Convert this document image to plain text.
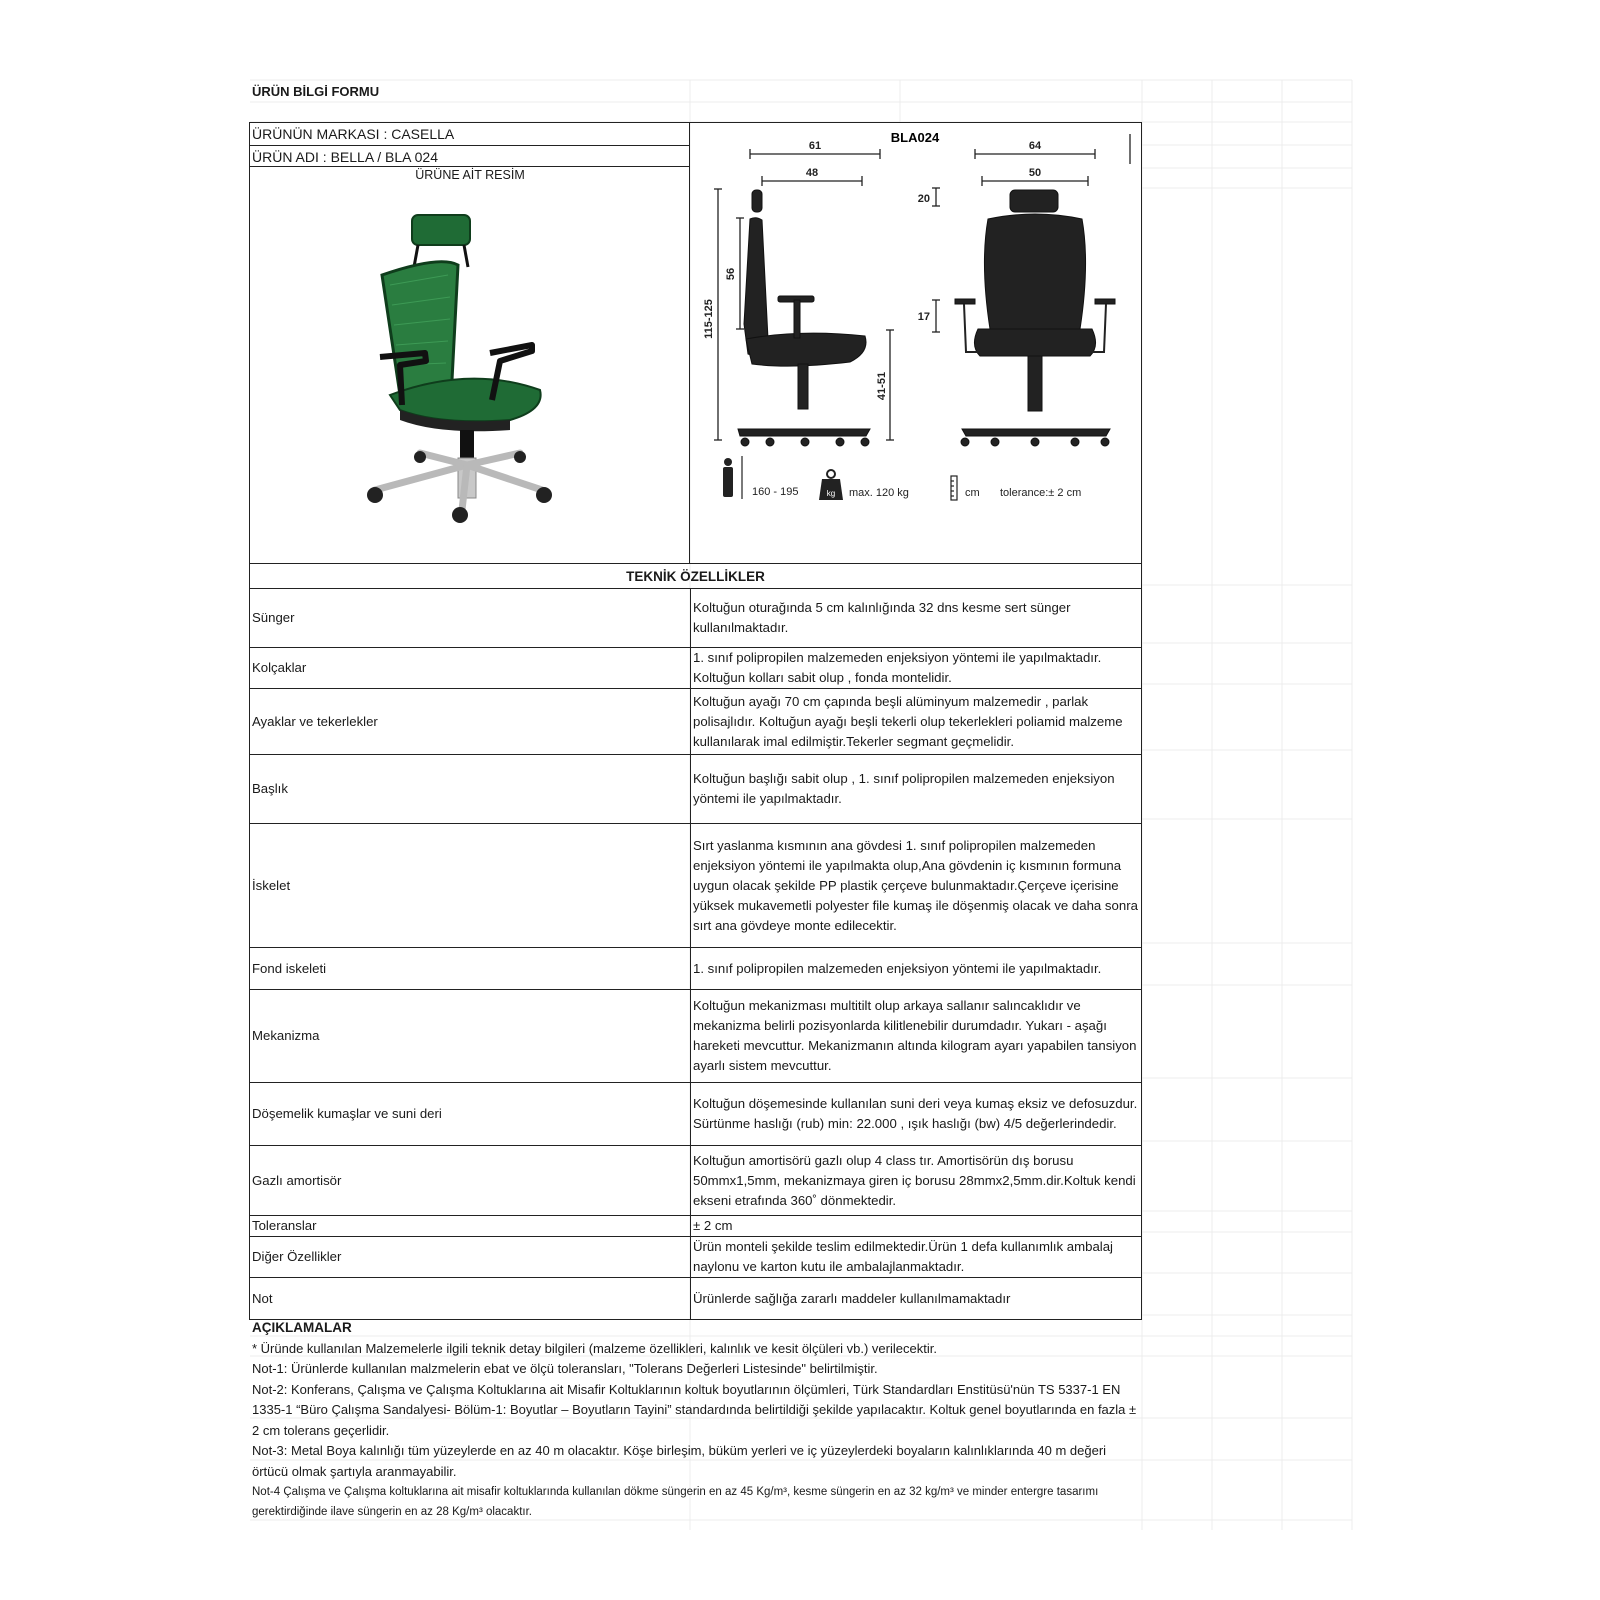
ÜRÜN BİLGİ FORMU
ÜRÜNÜN MARKASI : CASELLA
ÜRÜN ADI : BELLA / BLA 024
ÜRÜNE AİT RESİM
BLA024
61
48
64
50
20
17
56
115-125
41-51
160 - 195	kg max. 120 kg	cm tolerance:± 2 cm
TEKNİK ÖZELLİKLER	
Sünger	Koltuğun oturağında 5 cm kalınlığında 32 dns kesme sert sünger kullanılmaktadır.
Kolçaklar	1. sınıf polipropilen malzemeden enjeksiyon yöntemi ile yapılmaktadır. Koltuğun kolları sabit olup , fonda montelidir.
Ayaklar ve tekerlekler	Koltuğun ayağı 70 cm çapında beşli alüminyum malzemedir , parlak polisajlıdır. Koltuğun ayağı beşli tekerli olup tekerlekleri poliamid malzeme kullanılarak imal edilmiştir.Tekerler segmant geçmelidir.
Başlık	Koltuğun başlığı sabit olup , 1. sınıf polipropilen malzemeden enjeksiyon yöntemi ile yapılmaktadır.
İskelet	Sırt yaslanma kısmının ana gövdesi 1. sınıf polipropilen malzemeden enjeksiyon yöntemi ile yapılmakta olup,Ana gövdenin iç kısmının formuna uygun olacak şekilde PP plastik çerçeve bulunmaktadır.Çerçeve içerisine yüksek mukavemetli polyester file kumaş ile döşenmiş olacak ve daha sonra sırt ana gövdeye monte edilecektir.
Fond iskeleti	1. sınıf polipropilen malzemeden enjeksiyon yöntemi ile yapılmaktadır.
Mekanizma	Koltuğun mekanizması multitilt olup arkaya sallanır salıncaklıdır ve mekanizma belirli pozisyonlarda kilitlenebilir durumdadır. Yukarı - aşağı hareketi mevcuttur. Mekanizmanın altında kilogram ayarı yapabilen tansiyon ayarlı sistem mevcuttur.
Döşemelik kumaşlar ve suni deri	Koltuğun döşemesinde kullanılan suni deri veya kumaş eksiz ve defosuzdur. Sürtünme haslığı (rub) min: 22.000 , ışık haslığı (bw) 4/5 değerlerindedir.
Gazlı amortisör	Koltuğun amortisörü gazlı olup 4 class tır. Amortisörün dış borusu 50mmx1,5mm, mekanizmaya giren iç borusu 28mmx2,5mm.dir.Koltuk kendi ekseni etrafında 360˚ dönmektedir.
Toleranslar	± 2 cm
Diğer Özellikler	Ürün monteli şekilde teslim edilmektedir.Ürün 1 defa kullanımlık ambalaj naylonu ve karton kutu ile ambalajlanmaktadır.
Not	Ürünlerde sağlığa zararlı maddeler kullanılmamaktadır
AÇIKLAMALAR
* Üründe kullanılan Malzemelerle ilgili teknik detay bilgileri (malzeme özellikleri, kalınlık ve kesit ölçüleri vb.) verilecektir.
Not-1: Ürünlerde kullanılan malzmelerin ebat ve ölçü toleransları, "Tolerans Değerleri Listesinde" belirtilmiştir.
Not-2: Konferans, Çalışma ve Çalışma Koltuklarına ait Misafir Koltuklarının koltuk boyutlarının ölçümleri, Türk Standardları Enstitüsü'nün TS 5337-1 EN 1335-1 “Büro Çalışma Sandalyesi- Bölüm-1: Boyutlar – Boyutların Tayini” standardında belirtildiği şekilde yapılacaktır. Koltuk genel boyutlarında en fazla ± 2 cm tolerans geçerlidir.
Not-3: Metal Boya kalınlığı tüm yüzeylerde en az 40 m olacaktır. Köşe birleşim, büküm yerleri ve iç yüzeylerdeki boyaların kalınlıklarında 40 m değeri örtücü olmak şartıyla aranmayabilir.
Not-4 Çalışma ve Çalışma koltuklarına ait misafir koltuklarında kullanılan dökme süngerin en az 45 Kg/m³, kesme süngerin en az 32 kg/m³ ve minder entergre tasarımı gerektirdiğinde ilave süngerin en az 28 Kg/m³ olacaktır.
